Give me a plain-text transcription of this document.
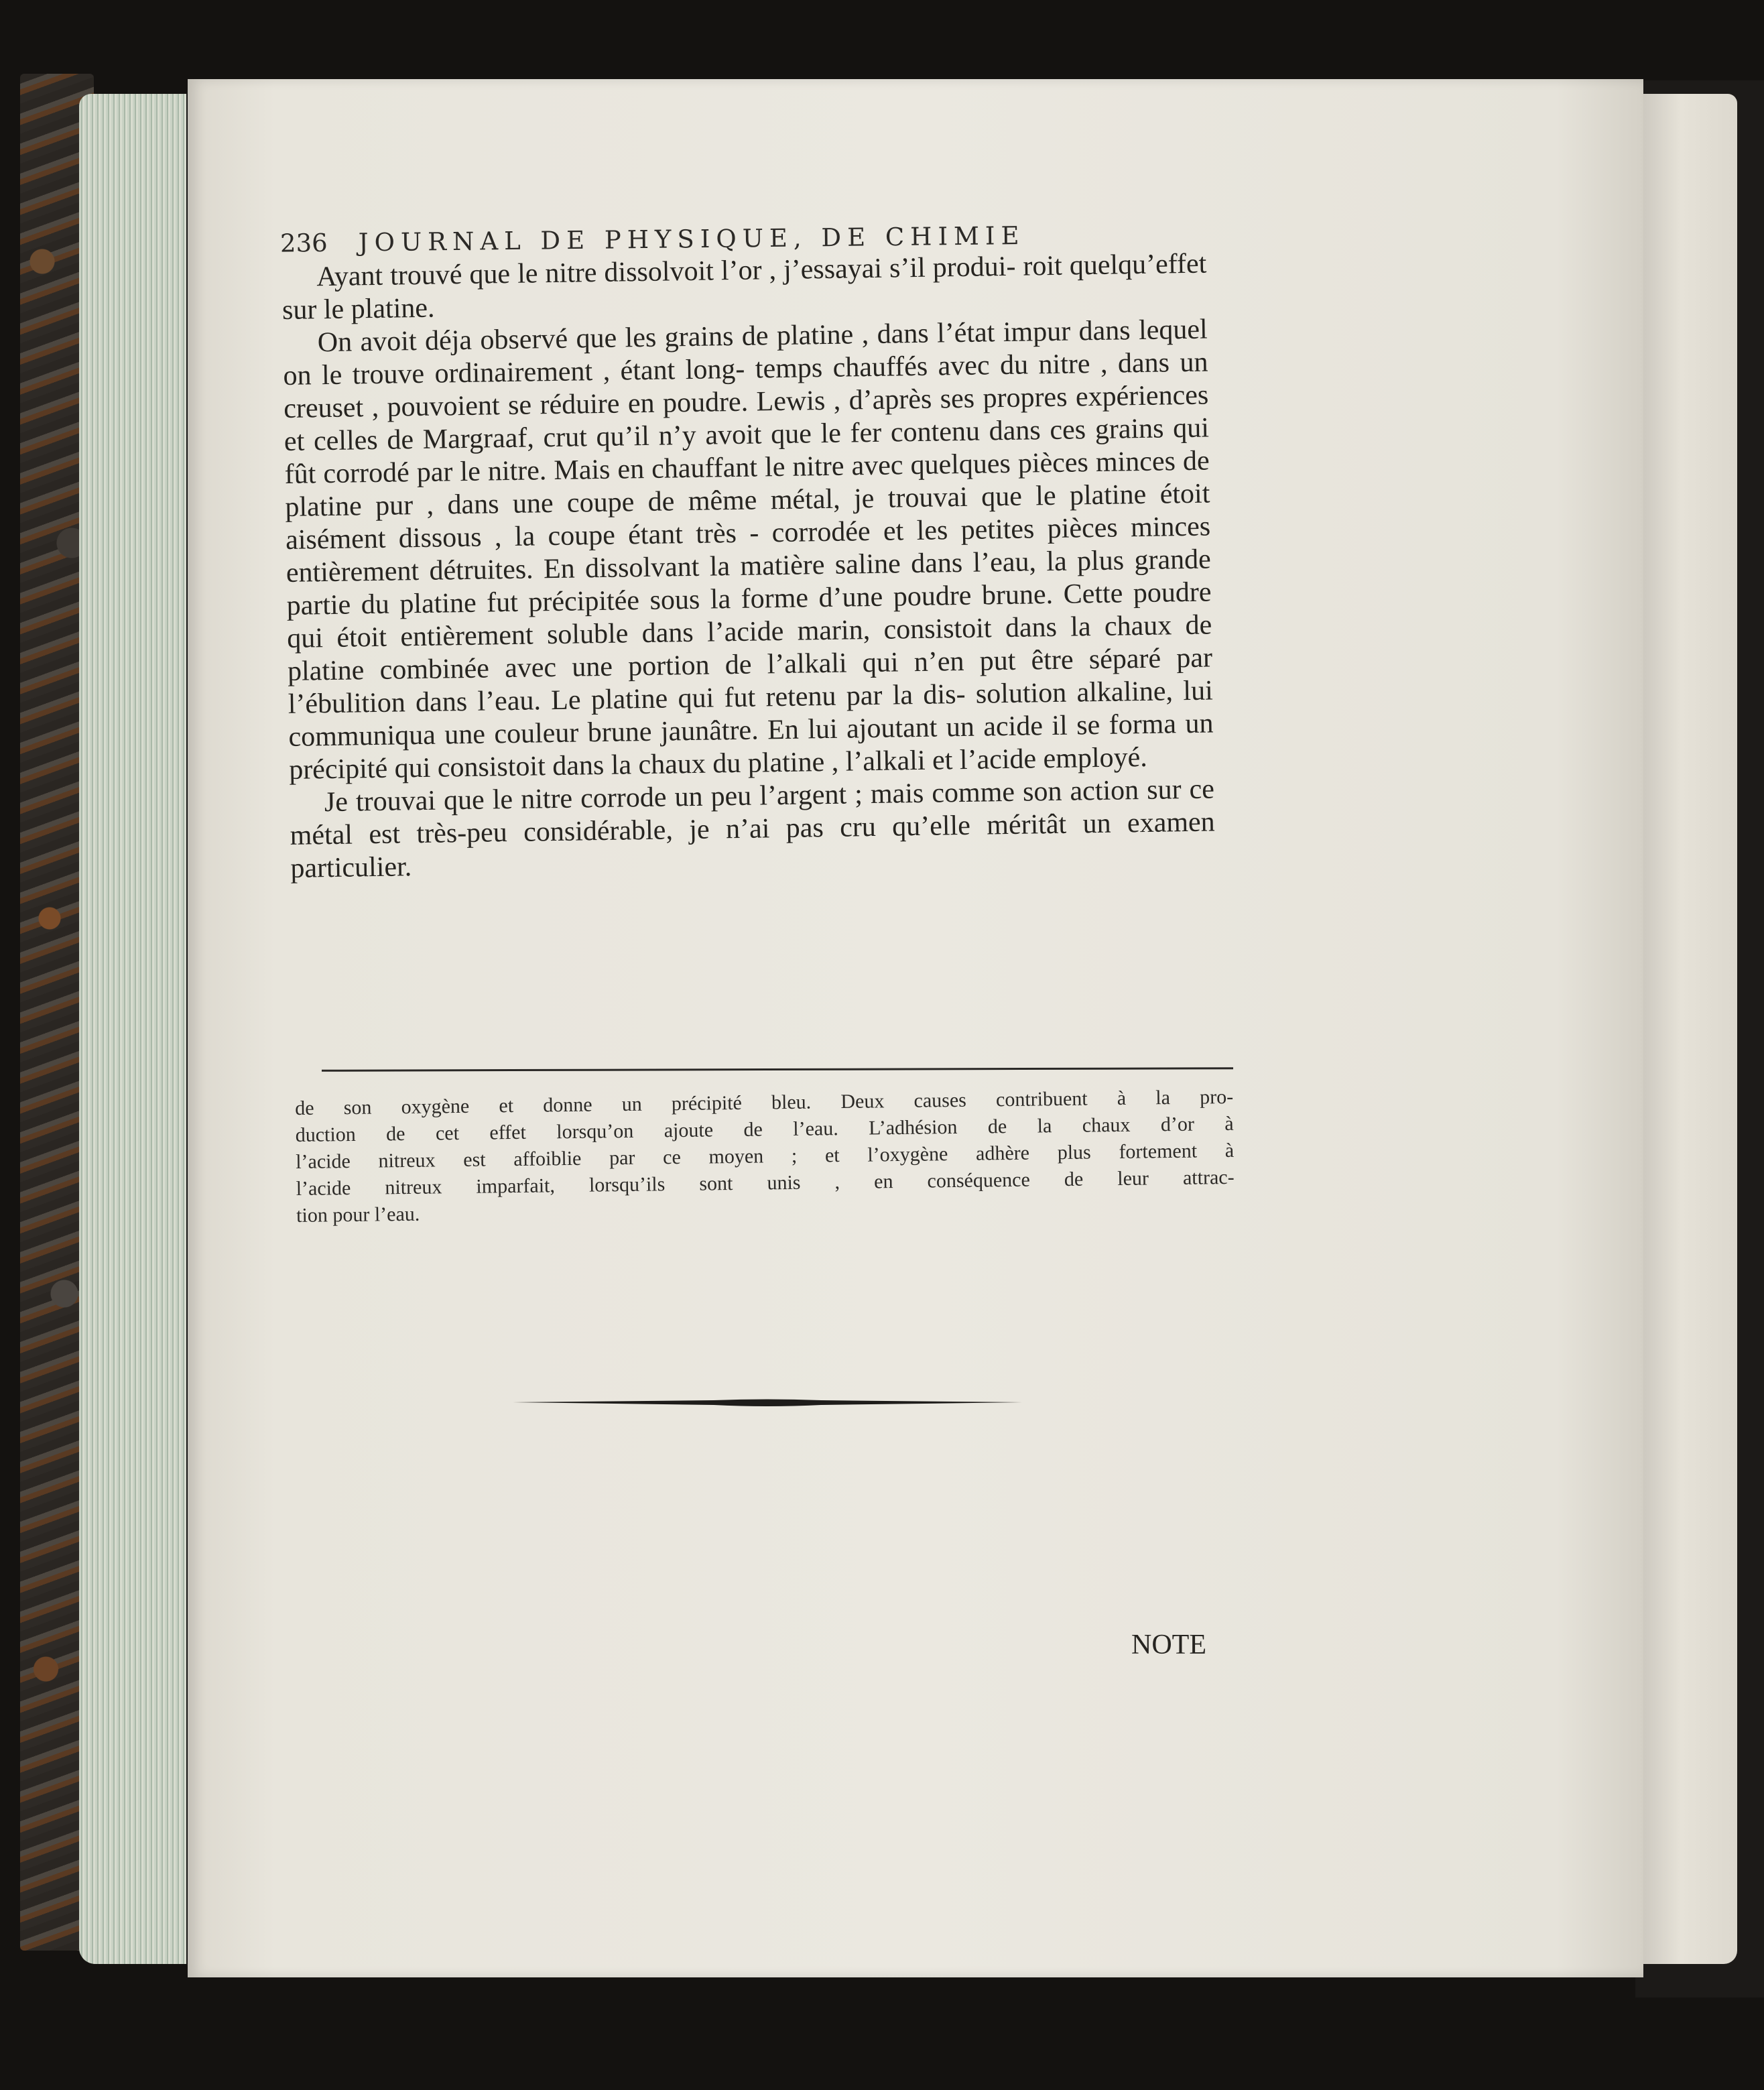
236 JOURNAL DE PHYSIQUE, DE CHIMIE

Ayant trouvé que le nitre dissolvoit l’or , j’essayai s’il produi- roit quelqu’effet sur le platine.

On avoit déja observé que les grains de platine , dans l’état impur dans lequel on le trouve ordinairement , étant long- temps chauffés avec du nitre , dans un creuset , pouvoient se réduire en poudre. Lewis , d’après ses propres expériences et celles de Margraaf, crut qu’il n’y avoit que le fer contenu dans ces grains qui fût corrodé par le nitre. Mais en chauffant le nitre avec quelques pièces minces de platine pur , dans une coupe de même métal, je trouvai que le platine étoit aisément dissous , la coupe étant très - corrodée et les petites pièces minces entièrement détruites. En dissolvant la matière saline dans l’eau, la plus grande partie du platine fut précipitée sous la forme d’une poudre brune. Cette poudre qui étoit entièrement soluble dans l’acide marin, consistoit dans la chaux de platine combinée avec une portion de l’alkali qui n’en put être séparé par l’ébulition dans l’eau. Le platine qui fut retenu par la dis- solution alkaline, lui communiqua une couleur brune jaunâtre. En lui ajoutant un acide il se forma un précipité qui consistoit dans la chaux du platine , l’alkali et l’acide employé.

Je trouvai que le nitre corrode un peu l’argent ; mais comme son action sur ce métal est très-peu considérable, je n’ai pas cru qu’elle méritât un examen particulier.

de son oxygène et donne un précipité bleu. Deux causes contribuent à la pro-
duction de cet effet lorsqu’on ajoute de l’eau. L’adhésion de la chaux d’or à
l’acide nitreux est affoiblie par ce moyen ; et l’oxygène adhère plus fortement à
l’acide nitreux imparfait, lorsqu’ils sont unis , en conséquence de leur attrac-
tion pour l’eau.
NOTE
